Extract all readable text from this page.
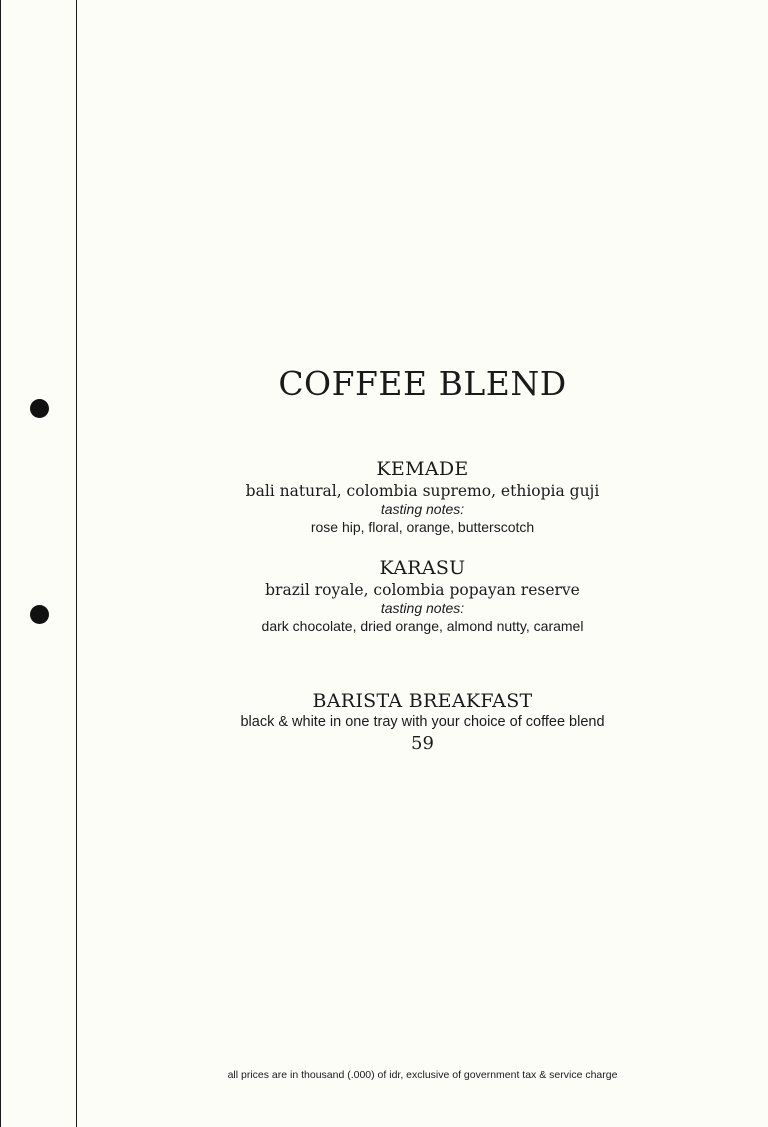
COFFEE BLEND
KEMADE
bali natural, colombia supremo, ethiopia guji
tasting notes:
rose hip, floral, orange, butterscotch
KARASU
brazil royale, colombia popayan reserve
tasting notes:
dark chocolate, dried orange, almond nutty, caramel
BARISTA BREAKFAST
black & white in one tray with your choice of coffee blend
59
all prices are in thousand (.000) of idr, exclusive of government tax & service charge
